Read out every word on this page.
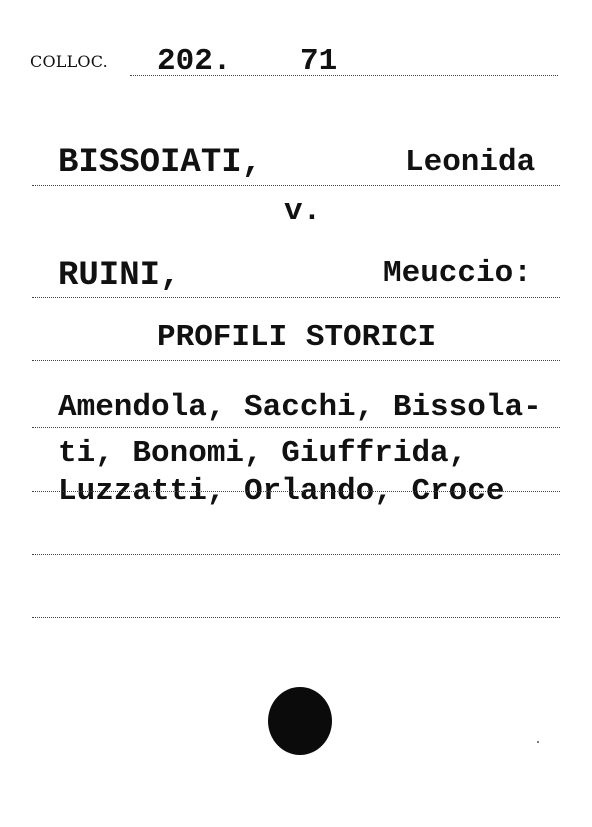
COLLOC. 202. 71
BISSOIATI,	Leonida
v.
RUINI,	Meuccio:
PROFILI STORICI
Amendola, Sacchi, Bissola-
ti, Bonomi, Giuffrida,
Luzzatti, Orlando, Croce
